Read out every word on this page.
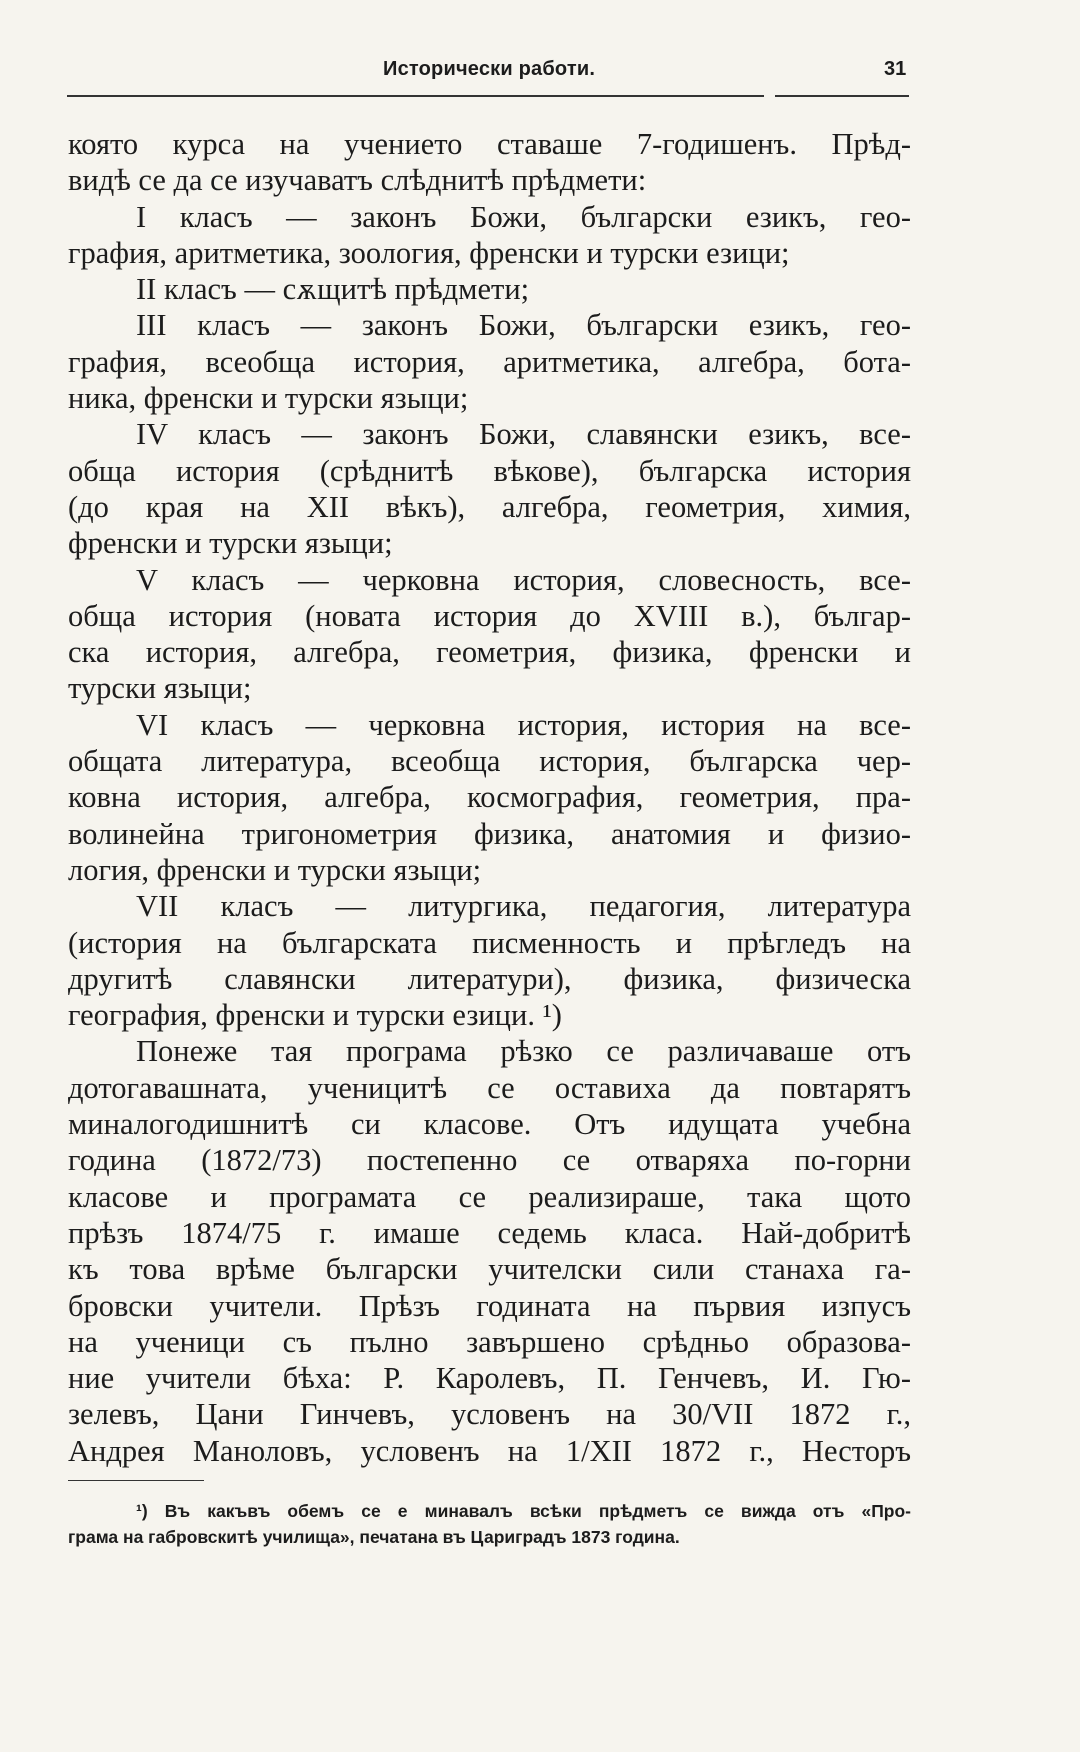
Исторически работи.	31
която курса на учението ставаше 7-годишенъ. Прѣд-
видѣ се да се изучаватъ слѣднитѣ прѣдмети:
I класъ — законъ Божи, български езикъ, гео-
графия, аритметика, зоология, френски и турски езици;
II класъ — сѫщитѣ прѣдмети;
III класъ — законъ Божи, български езикъ, гео-
графия, всеобща история, аритметика, алгебра, бота-
ника, френски и турски языци;
IV класъ — законъ Божи, славянски езикъ, все-
обща история (срѣднитѣ вѣкове), българска история
(до края на XII вѣкъ), алгебра, геометрия, химия,
френски и турски языци;
V класъ — черковна история, словесность, все-
обща история (новата история до XVIII в.), българ-
ска история, алгебра, геометрия, физика, френски и
турски языци;
VI класъ — черковна история, история на все-
общата литература, всеобща история, българска чер-
ковна история, алгебра, космография, геометрия, пра-
волинейна тригонометрия физика, анатомия и физио-
логия, френски и турски языци;
VII класъ — литургика, педагогия, литература
(история на българската писменность и прѣгледъ на
другитѣ славянски литератури), физика, физическа
география, френски и турски езици. ¹)
Понеже тая програма рѣзко се различаваше отъ
дотогавашната, ученицитѣ се оставиха да повтарятъ
миналогодишнитѣ си класове. Отъ идущата учебна
година (1872/73) постепенно се отваряха по-горни
класове и програмата се реализираше, така щото
прѣзъ 1874/75 г. имаше седемь класа. Най-добритѣ
къ това врѣме български учителски сили станаха га-
бровски учители. Прѣзъ годината на първия изпусъ
на ученици съ пълно завършено срѣдньо образова-
ние учители бѣха: Р. Каролевъ, П. Генчевъ, И. Гю-
зелевъ, Цани Гинчевъ, условенъ на 30/VII 1872 г.,
Андрея Маноловъ, условенъ на 1/XII 1872 г., Несторъ
¹) Въ какъвъ обемъ се е минавалъ всѣки прѣдметъ се вижда отъ «Про-
грама на габровскитѣ училища», печатана въ Цариградъ 1873 година.
